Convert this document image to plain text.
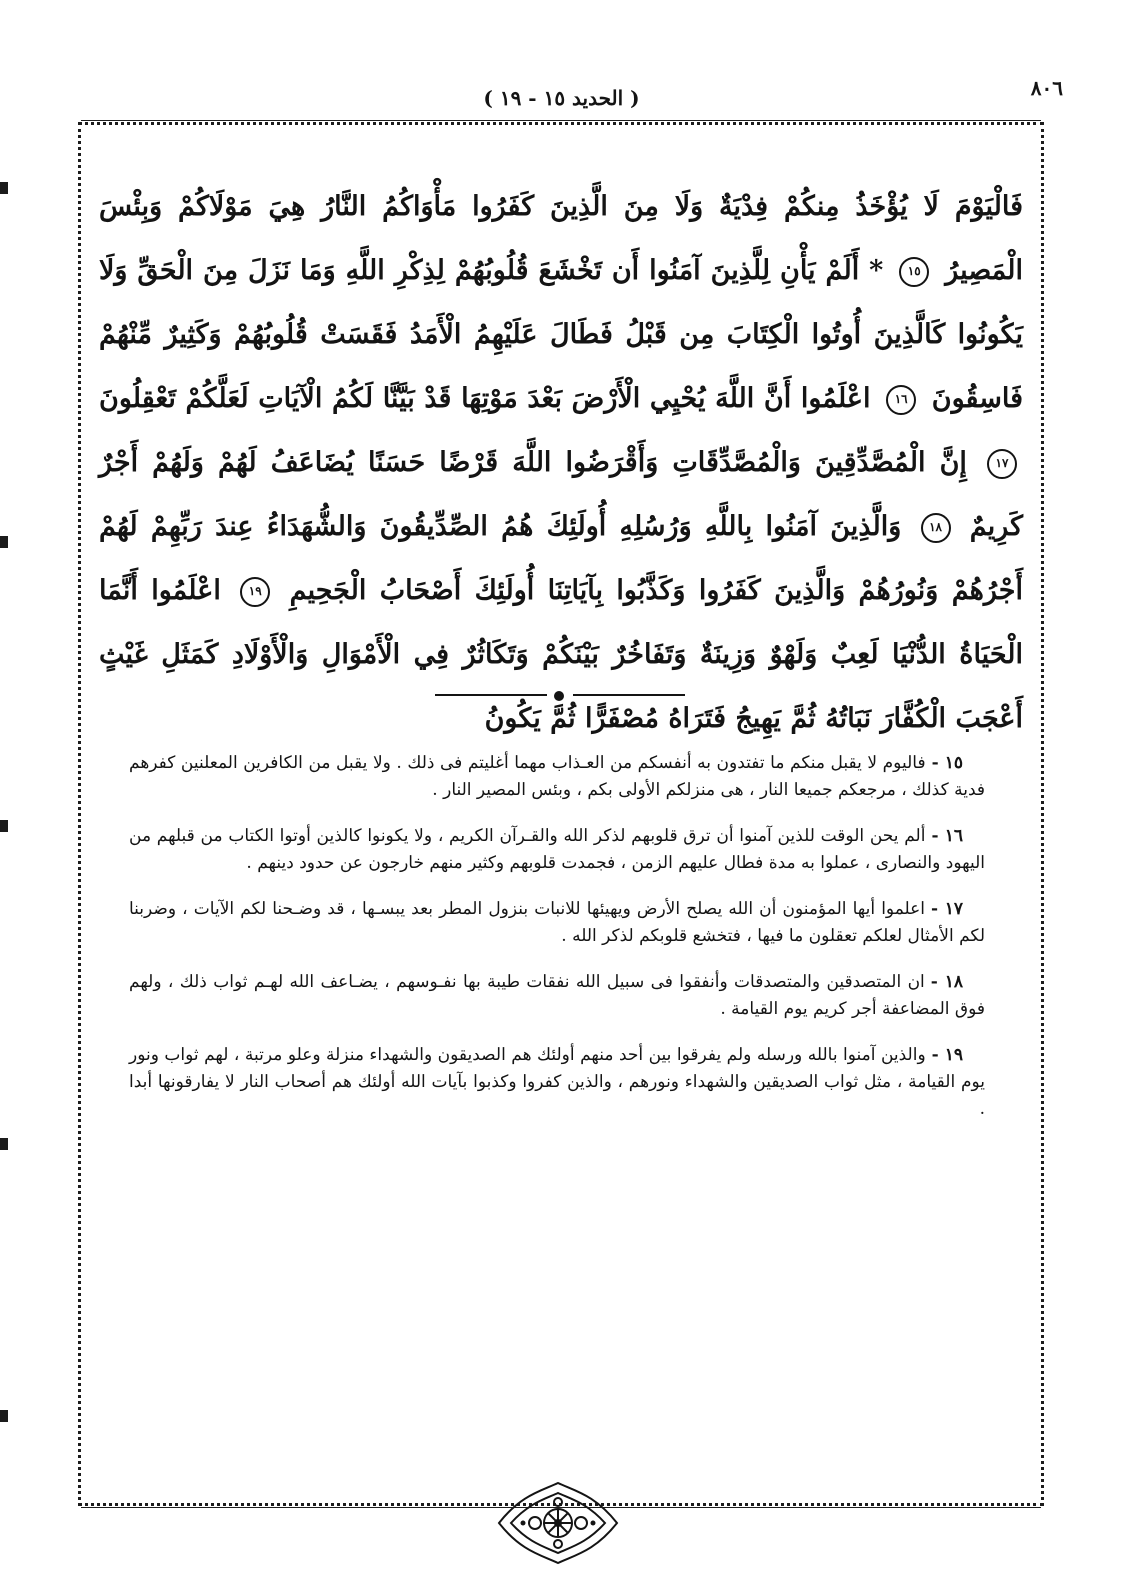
٨٠٦
( الحديد ١٥ - ١٩ )

فَالْيَوْمَ لَا يُؤْخَذُ مِنكُمْ فِدْيَةٌ وَلَا مِنَ الَّذِينَ كَفَرُوا مَأْوَاكُمُ النَّارُ هِيَ مَوْلَاكُمْ وَبِئْسَ الْمَصِيرُ ١٥ * أَلَمْ يَأْنِ لِلَّذِينَ آمَنُوا أَن تَخْشَعَ قُلُوبُهُمْ لِذِكْرِ اللَّهِ وَمَا نَزَلَ مِنَ الْحَقِّ وَلَا يَكُونُوا كَالَّذِينَ أُوتُوا الْكِتَابَ مِن قَبْلُ فَطَالَ عَلَيْهِمُ الْأَمَدُ فَقَسَتْ قُلُوبُهُمْ وَكَثِيرٌ مِّنْهُمْ فَاسِقُونَ ١٦ اعْلَمُوا أَنَّ اللَّهَ يُحْيِي الْأَرْضَ بَعْدَ مَوْتِهَا قَدْ بَيَّنَّا لَكُمُ الْآيَاتِ لَعَلَّكُمْ تَعْقِلُونَ ١٧ إِنَّ الْمُصَّدِّقِينَ وَالْمُصَّدِّقَاتِ وَأَقْرَضُوا اللَّهَ قَرْضًا حَسَنًا يُضَاعَفُ لَهُمْ وَلَهُمْ أَجْرٌ كَرِيمٌ ١٨ وَالَّذِينَ آمَنُوا بِاللَّهِ وَرُسُلِهِ أُولَئِكَ هُمُ الصِّدِّيقُونَ وَالشُّهَدَاءُ عِندَ رَبِّهِمْ لَهُمْ أَجْرُهُمْ وَنُورُهُمْ وَالَّذِينَ كَفَرُوا وَكَذَّبُوا بِآيَاتِنَا أُولَئِكَ أَصْحَابُ الْجَحِيمِ ١٩ اعْلَمُوا أَنَّمَا الْحَيَاةُ الدُّنْيَا لَعِبٌ وَلَهْوٌ وَزِينَةٌ وَتَفَاخُرٌ بَيْنَكُمْ وَتَكَاثُرٌ فِي الْأَمْوَالِ وَالْأَوْلَادِ كَمَثَلِ غَيْثٍ أَعْجَبَ الْكُفَّارَ نَبَاتُهُ ثُمَّ يَهِيجُ فَتَرَاهُ مُصْفَرًّا ثُمَّ يَكُونُ

١٥ -فاليوم لا يقبل منكم ما تفتدون به أنفسكم من العـذاب مهما أغليتم فى ذلك . ولا يقبل من الكافرين المعلنين كفرهم فدية كذلك ، مرجعكم جميعا النار ، هى منزلكم الأولى بكم ، وبئس المصير النار .

١٦ -ألم يحن الوقت للذين آمنوا أن ترق قلوبهم لذكر الله والقـرآن الكريم ، ولا يكونوا كالذين أوتوا الكتاب من قبلهم من اليهود والنصارى ، عملوا به مدة فطال عليهم الزمن ، فجمدت قلوبهم وكثير منهم خارجون عن حدود دينهم .

١٧ -اعلموا أيها المؤمنون أن الله يصلح الأرض ويهيئها للانبات بنزول المطر بعد يبسـها ، قد وضـحنا لكم الآيات ، وضربنا لكم الأمثال لعلكم تعقلون ما فيها ، فتخشع قلوبكم لذكر الله .

١٨ -ان المتصدقين والمتصدقات وأنفقوا فى سبيل الله نفقات طيبة بها نفـوسهم ، يضـاعف الله لهـم ثواب ذلك ، ولهم فوق المضاعفة أجر كريم يوم القيامة .

١٩ -والذين آمنوا بالله ورسله ولم يفرقوا بين أحد منهم أولئك هم الصديقون والشهداء منزلة وعلو مرتبة ، لهم ثواب ونور يوم القيامة ، مثل ثواب الصديقين والشهداء ونورهم ، والذين كفروا وكذبوا بآيات الله أولئك هم أصحاب النار لا يفارقونها أبدا .
